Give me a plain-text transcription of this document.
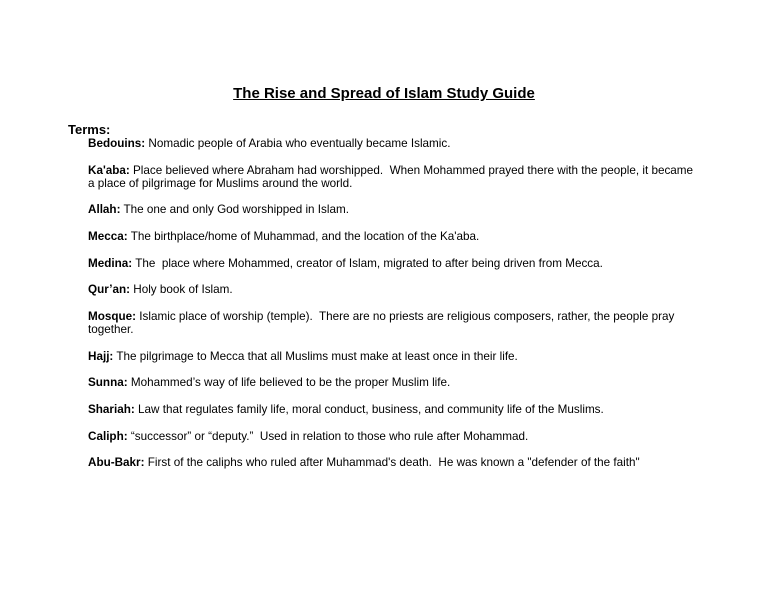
The Rise and Spread of Islam Study Guide
Terms:

Bedouins: Nomadic people of Arabia who eventually became Islamic.

Ka'aba: Place believed where Abraham had worshipped.  When Mohammed prayed there with the people, it became a place of pilgrimage for Muslims around the world.

Allah: The one and only God worshipped in Islam.

Mecca: The birthplace/home of Muhammad, and the location of the Ka'aba.

Medina: The  place where Mohammed, creator of Islam, migrated to after being driven from Mecca.

Qur’an: Holy book of Islam.

Mosque: Islamic place of worship (temple).  There are no priests are religious composers, rather, the people pray together.

Hajj: The pilgrimage to Mecca that all Muslims must make at least once in their life.

Sunna: Mohammed’s way of life believed to be the proper Muslim life.

Shariah: Law that regulates family life, moral conduct, business, and community life of the Muslims.

Caliph: “successor” or “deputy.”  Used in relation to those who rule after Mohammad.

Abu-Bakr: First of the caliphs who ruled after Muhammad's death.  He was known a "defender of the faith"
